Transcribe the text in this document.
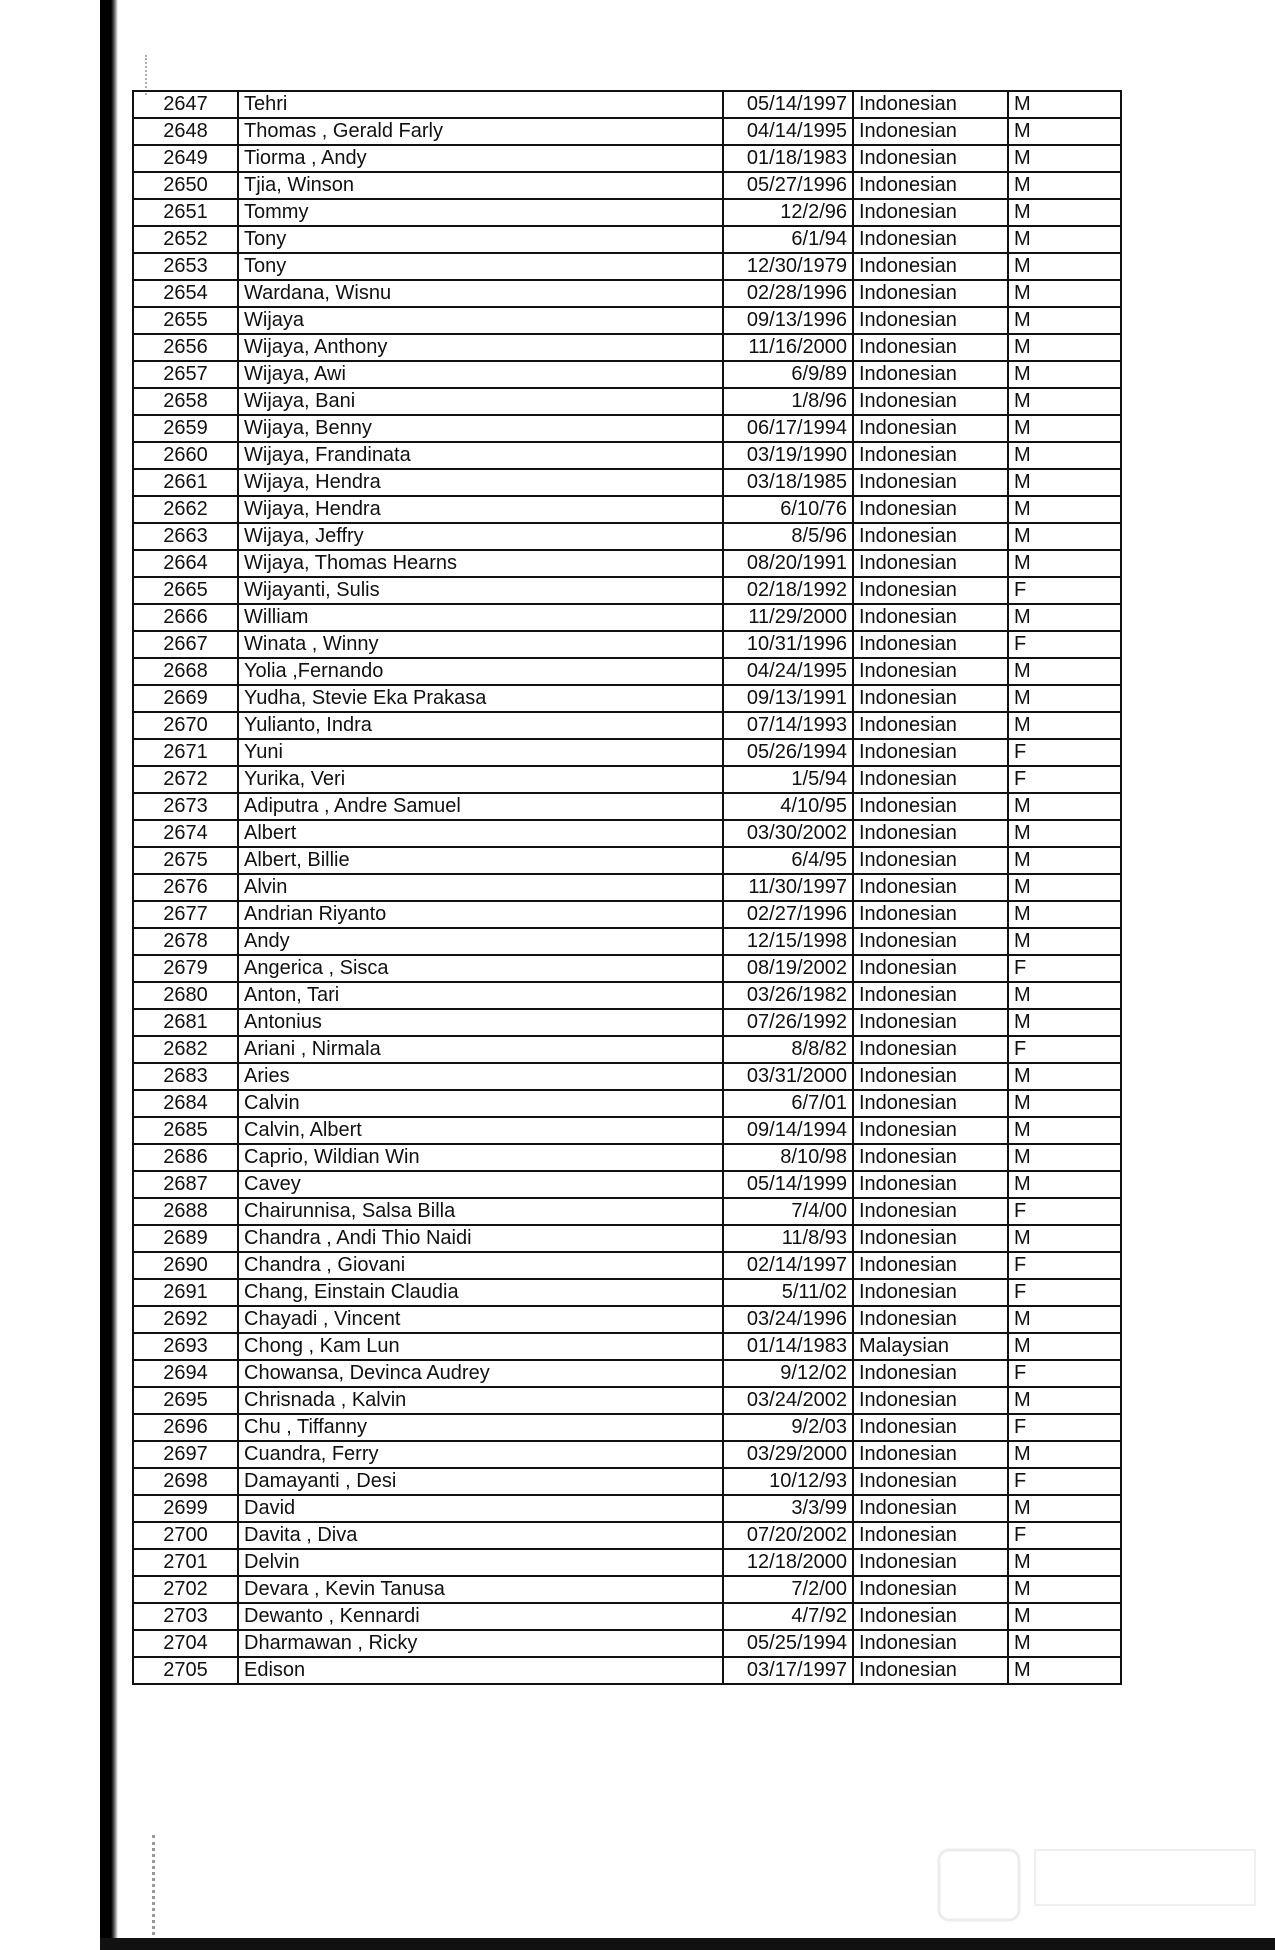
2647	Tehri	05/14/1997	Indonesian	M
2648	Thomas , Gerald Farly	04/14/1995	Indonesian	M
2649	Tiorma , Andy	01/18/1983	Indonesian	M
2650	Tjia, Winson	05/27/1996	Indonesian	M
2651	Tommy	12/2/96	Indonesian	M
2652	Tony	6/1/94	Indonesian	M
2653	Tony	12/30/1979	Indonesian	M
2654	Wardana, Wisnu	02/28/1996	Indonesian	M
2655	Wijaya	09/13/1996	Indonesian	M
2656	Wijaya, Anthony	11/16/2000	Indonesian	M
2657	Wijaya, Awi	6/9/89	Indonesian	M
2658	Wijaya, Bani	1/8/96	Indonesian	M
2659	Wijaya, Benny	06/17/1994	Indonesian	M
2660	Wijaya, Frandinata	03/19/1990	Indonesian	M
2661	Wijaya, Hendra	03/18/1985	Indonesian	M
2662	Wijaya, Hendra	6/10/76	Indonesian	M
2663	Wijaya, Jeffry	8/5/96	Indonesian	M
2664	Wijaya, Thomas Hearns	08/20/1991	Indonesian	M
2665	Wijayanti, Sulis	02/18/1992	Indonesian	F
2666	William	11/29/2000	Indonesian	M
2667	Winata , Winny	10/31/1996	Indonesian	F
2668	Yolia ,Fernando	04/24/1995	Indonesian	M
2669	Yudha, Stevie Eka Prakasa	09/13/1991	Indonesian	M
2670	Yulianto, Indra	07/14/1993	Indonesian	M
2671	Yuni	05/26/1994	Indonesian	F
2672	Yurika, Veri	1/5/94	Indonesian	F
2673	Adiputra , Andre Samuel	4/10/95	Indonesian	M
2674	Albert	03/30/2002	Indonesian	M
2675	Albert, Billie	6/4/95	Indonesian	M
2676	Alvin	11/30/1997	Indonesian	M
2677	Andrian Riyanto	02/27/1996	Indonesian	M
2678	Andy	12/15/1998	Indonesian	M
2679	Angerica , Sisca	08/19/2002	Indonesian	F
2680	Anton, Tari	03/26/1982	Indonesian	M
2681	Antonius	07/26/1992	Indonesian	M
2682	Ariani , Nirmala	8/8/82	Indonesian	F
2683	Aries	03/31/2000	Indonesian	M
2684	Calvin	6/7/01	Indonesian	M
2685	Calvin, Albert	09/14/1994	Indonesian	M
2686	Caprio, Wildian Win	8/10/98	Indonesian	M
2687	Cavey	05/14/1999	Indonesian	M
2688	Chairunnisa, Salsa Billa	7/4/00	Indonesian	F
2689	Chandra , Andi Thio Naidi	11/8/93	Indonesian	M
2690	Chandra , Giovani	02/14/1997	Indonesian	F
2691	Chang, Einstain Claudia	5/11/02	Indonesian	F
2692	Chayadi , Vincent	03/24/1996	Indonesian	M
2693	Chong , Kam Lun	01/14/1983	Malaysian	M
2694	Chowansa, Devinca Audrey	9/12/02	Indonesian	F
2695	Chrisnada , Kalvin	03/24/2002	Indonesian	M
2696	Chu , Tiffanny	9/2/03	Indonesian	F
2697	Cuandra, Ferry	03/29/2000	Indonesian	M
2698	Damayanti , Desi	10/12/93	Indonesian	F
2699	David	3/3/99	Indonesian	M
2700	Davita , Diva	07/20/2002	Indonesian	F
2701	Delvin	12/18/2000	Indonesian	M
2702	Devara , Kevin Tanusa	7/2/00	Indonesian	M
2703	Dewanto , Kennardi	4/7/92	Indonesian	M
2704	Dharmawan , Ricky	05/25/1994	Indonesian	M
2705	Edison	03/17/1997	Indonesian	M
